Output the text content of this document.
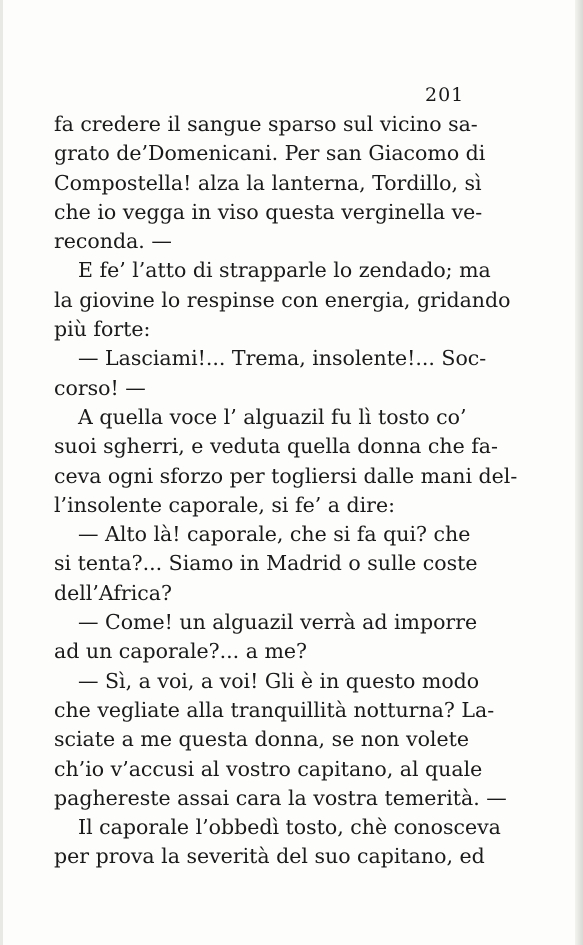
201
fa credere il sangue sparso sul vicino sa-
grato de’Domenicani. Per san Giacomo di
Compostella! alza la lanterna, Tordillo, sì
che io vegga in viso questa verginella ve-
reconda. —
E fe’ l’atto di strapparle lo zendado; ma
la giovine lo respinse con energia, gridando
più forte:
— Lasciami!... Trema, insolente!... Soc-
corso! —
A quella voce l’ alguazil fu lì tosto co’
suoi sgherri, e veduta quella donna che fa-
ceva ogni sforzo per togliersi dalle mani del-
l’insolente caporale, si fe’ a dire:
— Alto là! caporale, che si fa qui? che
si tenta?... Siamo in Madrid o sulle coste
dell’Africa?
— Come! un alguazil verrà ad imporre
ad un caporale?... a me?
— Sì, a voi, a voi! Gli è in questo modo
che vegliate alla tranquillità notturna? La-
sciate a me questa donna, se non volete
ch’io v’accusi al vostro capitano, al quale
paghereste assai cara la vostra temerità. —
Il caporale l’obbedì tosto, chè conosceva
per prova la severità del suo capitano, ed
